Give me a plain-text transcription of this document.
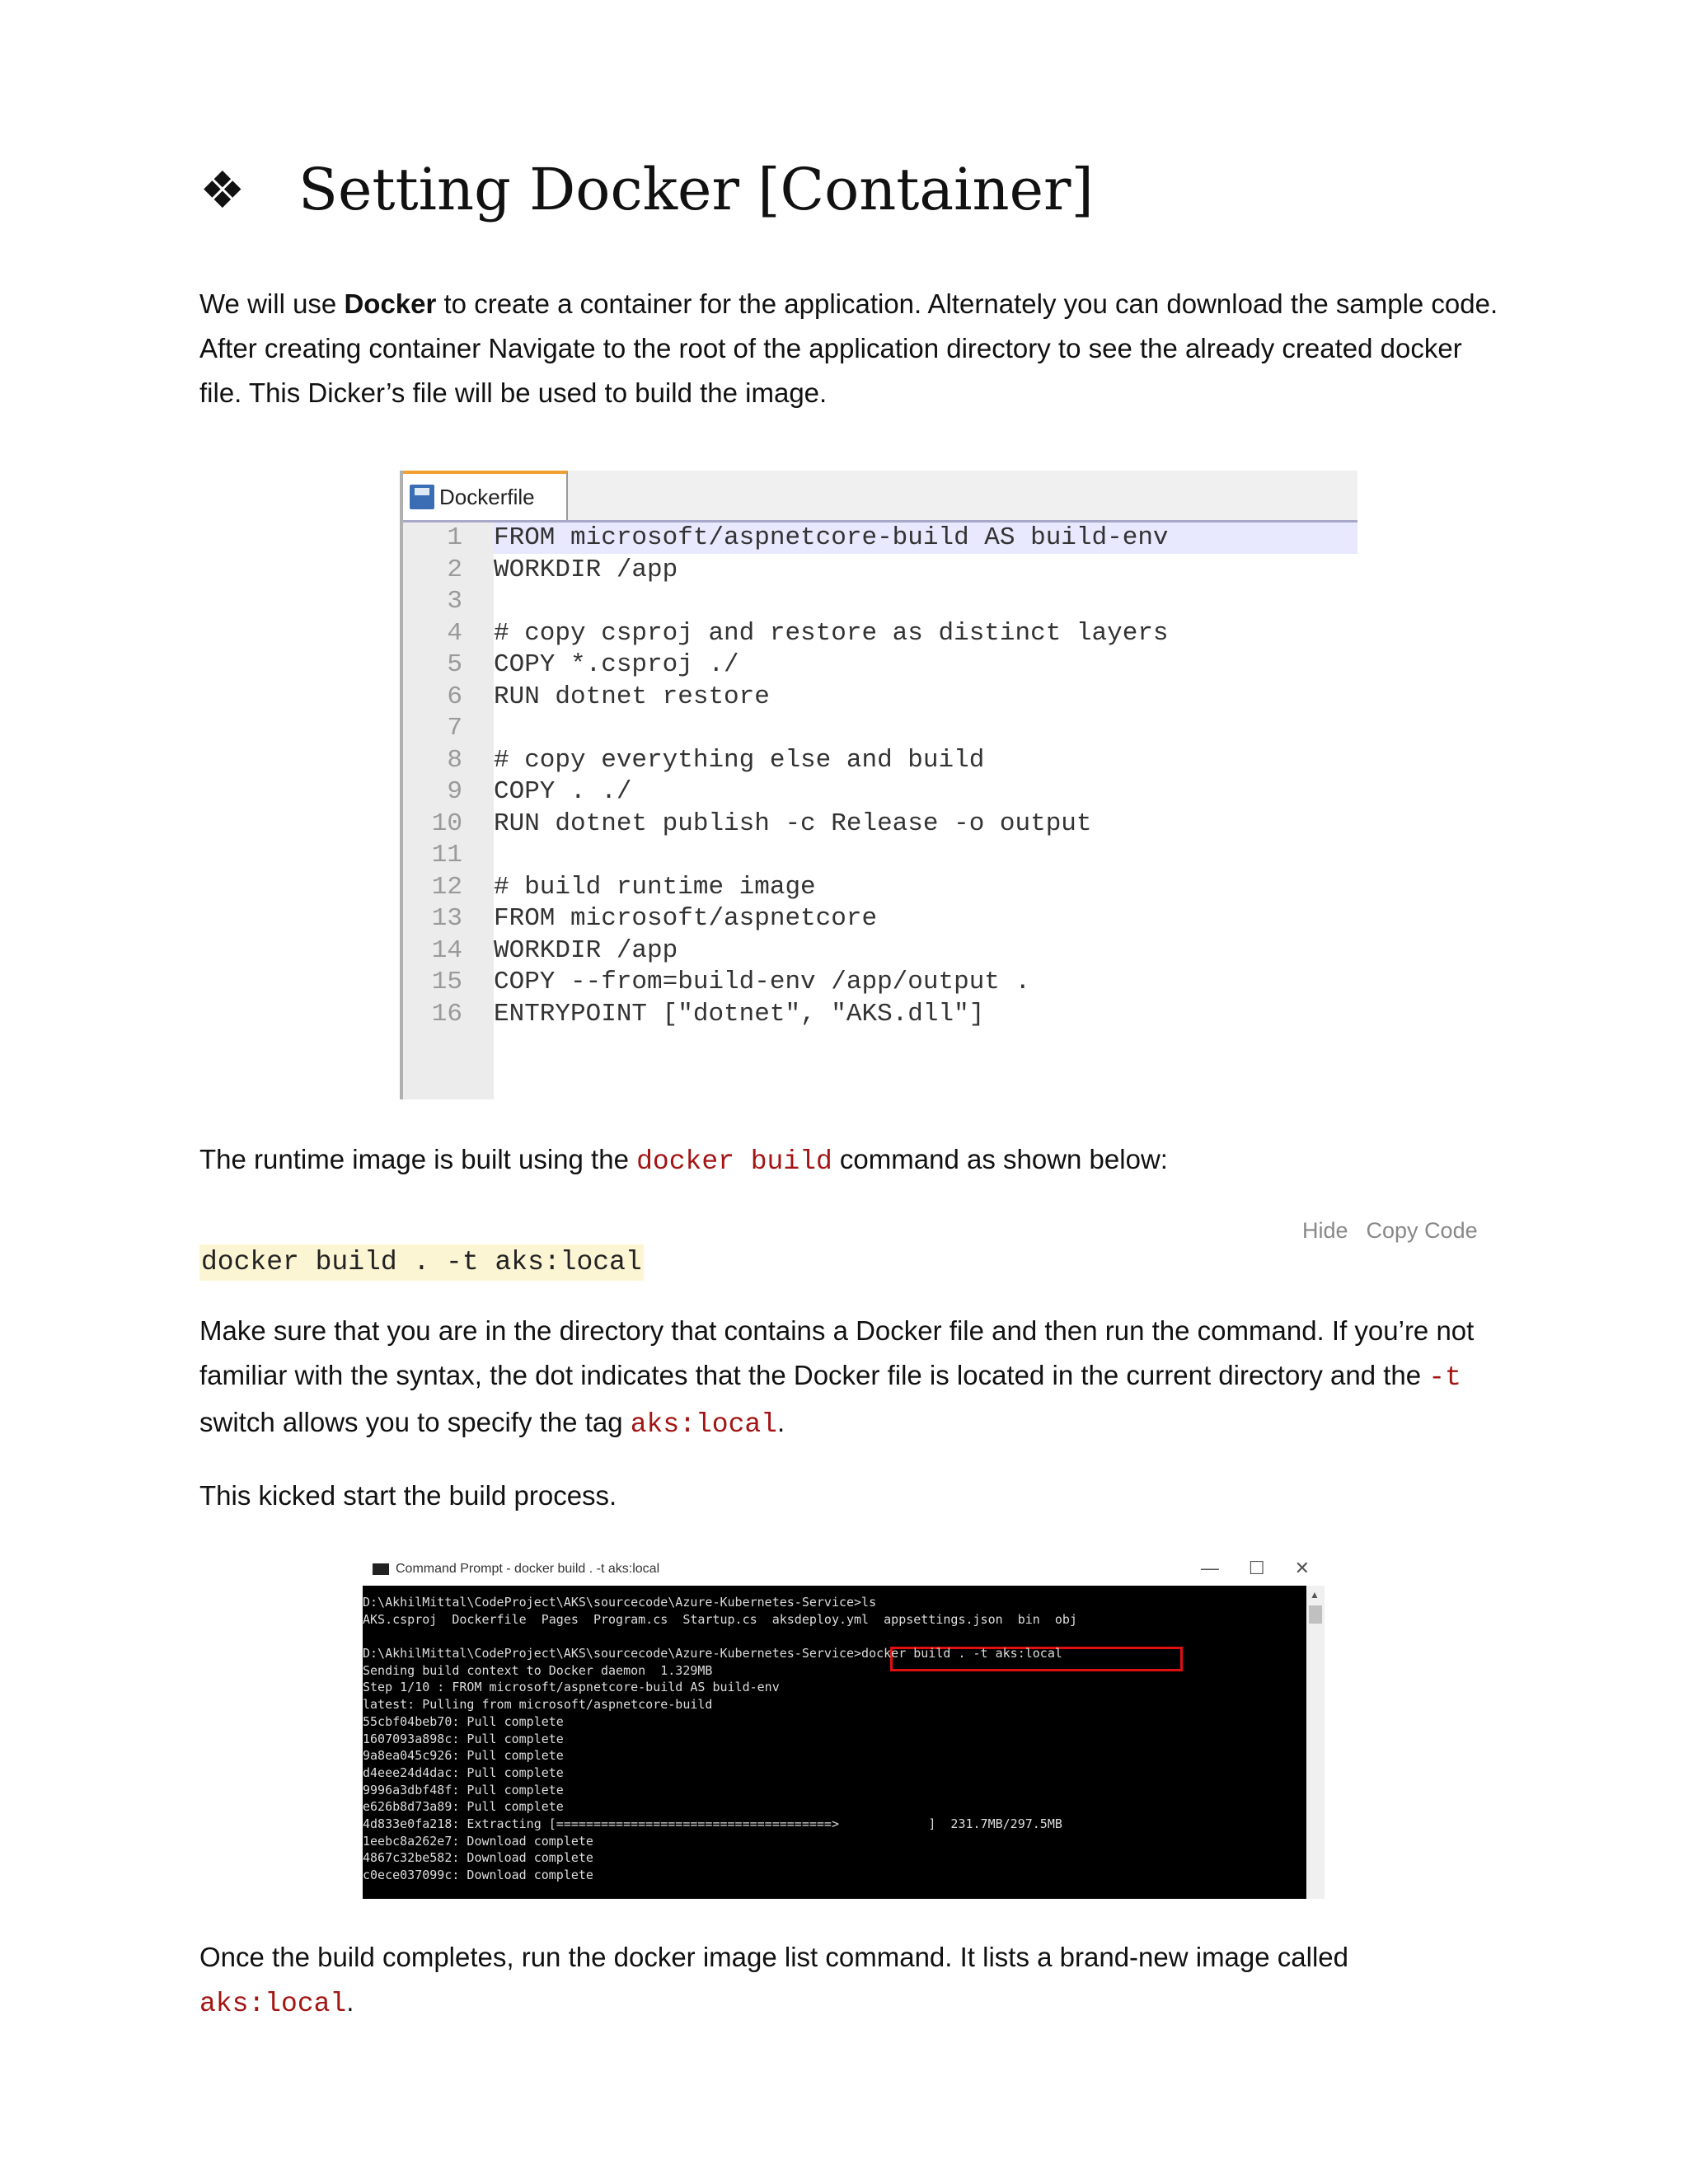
❖ Setting Docker [Container]

We will use Docker to create a container for the application. Alternately you can download the sample code. After creating container Navigate to the root of the application directory to see the already created docker file. This Dicker’s file will be used to build the image.

Dockerfile
1	FROM microsoft/aspnetcore-build AS build-env
2	WORKDIR /app
3
4	# copy csproj and restore as distinct layers
5	COPY *.csproj ./
6	RUN dotnet restore
7
8	# copy everything else and build
9	COPY . ./
10	RUN dotnet publish -c Release -o output
11
12	# build runtime image
13	FROM microsoft/aspnetcore
14	WORKDIR /app
15	COPY --from=build-env /app/output .
16	ENTRYPOINT ["dotnet", "AKS.dll"]

The runtime image is built using the docker build command as shown below:

Hide Copy Code
docker build . -t aks:local

Make sure that you are in the directory that contains a Docker file and then run the command. If you’re not familiar with the syntax, the dot indicates that the Docker file is located in the current directory and the -t switch allows you to specify the tag aks:local.

This kicked start the build process.

Command Prompt - docker build . -t aks:local	— ☐ ✕
D:\AkhilMittal\CodeProject\AKS\sourcecode\Azure-Kubernetes-Service>ls
AKS.csproj  Dockerfile  Pages  Program.cs  Startup.cs  aksdeploy.yml  appsettings.json  bin  obj
D:\AkhilMittal\CodeProject\AKS\sourcecode\Azure-Kubernetes-Service>docker build . -t aks:local
Sending build context to Docker daemon  1.329MB
Step 1/10 : FROM microsoft/aspnetcore-build AS build-env
latest: Pulling from microsoft/aspnetcore-build
55cbf04beb70: Pull complete
1607093a898c: Pull complete
9a8ea045c926: Pull complete
d4eee24d4dac: Pull complete
9996a3dbf48f: Pull complete
e626b8d73a89: Pull complete
4d833e0fa218: Extracting [=====================================>            ]  231.7MB/297.5MB
1eebc8a262e7: Download complete
4867c32be582: Download complete
c0ece037099c: Download complete
▲

Once the build completes, run the docker image list command. It lists a brand-new image called aks:local.
